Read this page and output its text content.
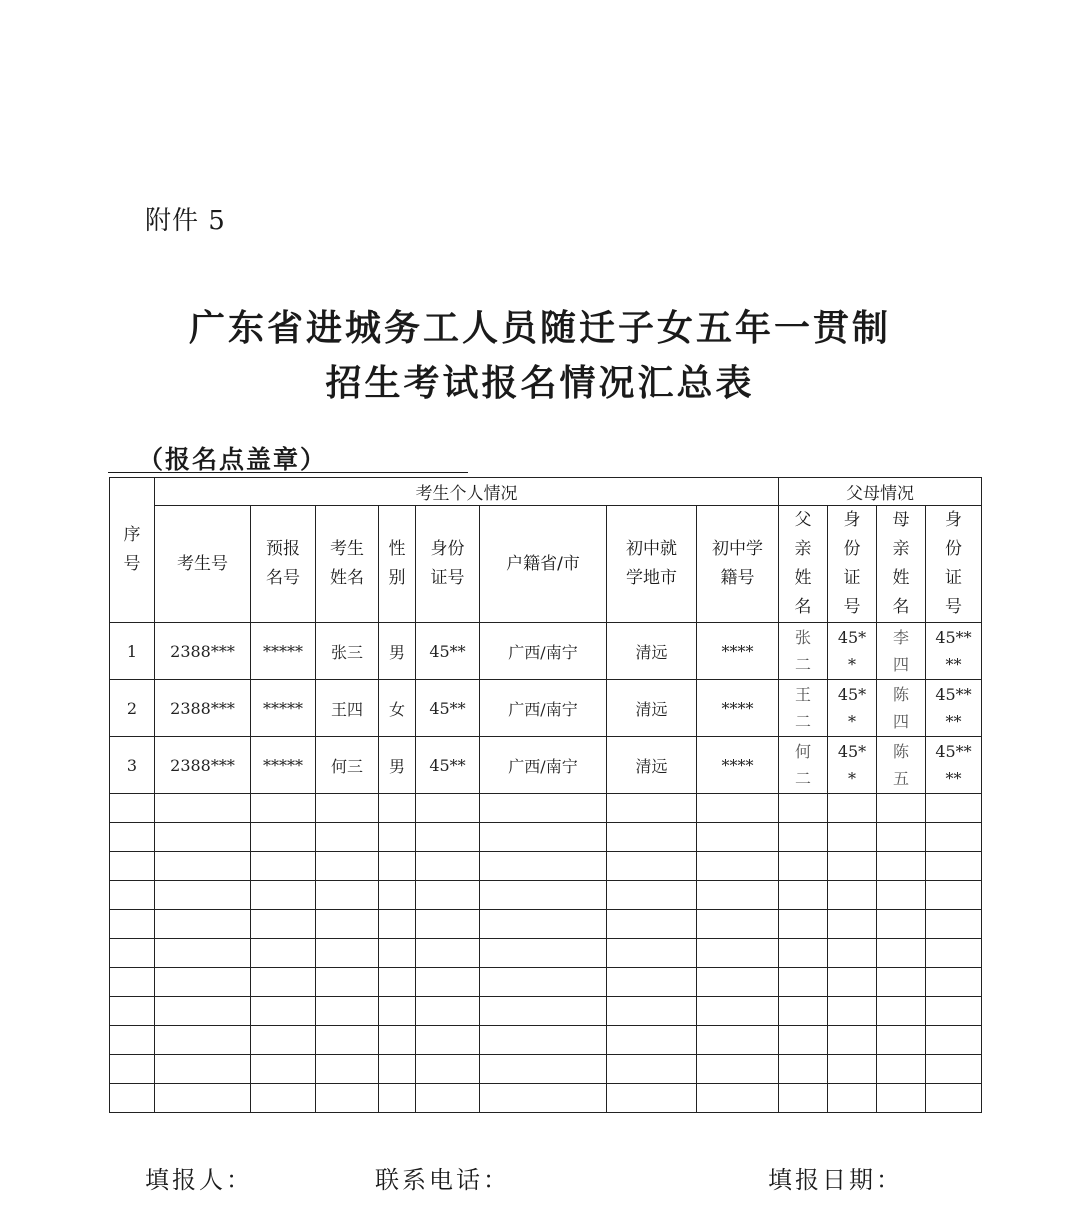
附件 5
广东省进城务工人员随迁子女五年一贯制
招生考试报名情况汇总表
（报名点盖章）
序号	考生个人情况								父母情况			
	考生号	预报名号	考生姓名	性别	身份证号	户籍省/市	初中就学地市	初中学籍号	父亲姓名	身份证号	母亲姓名	身份证号

1	2388***	*****	张三	男	45**	广西/南宁	清远	****	张二	45**	李四	45****

2	2388***	*****	王四	女	45**	广西/南宁	清远	****	王二	45**	陈四	45****

3	2388***	*****	何三	男	45**	广西/南宁	清远	****	何二	45**	陈五	45****

填报人：	联系电话：	填报日期：
